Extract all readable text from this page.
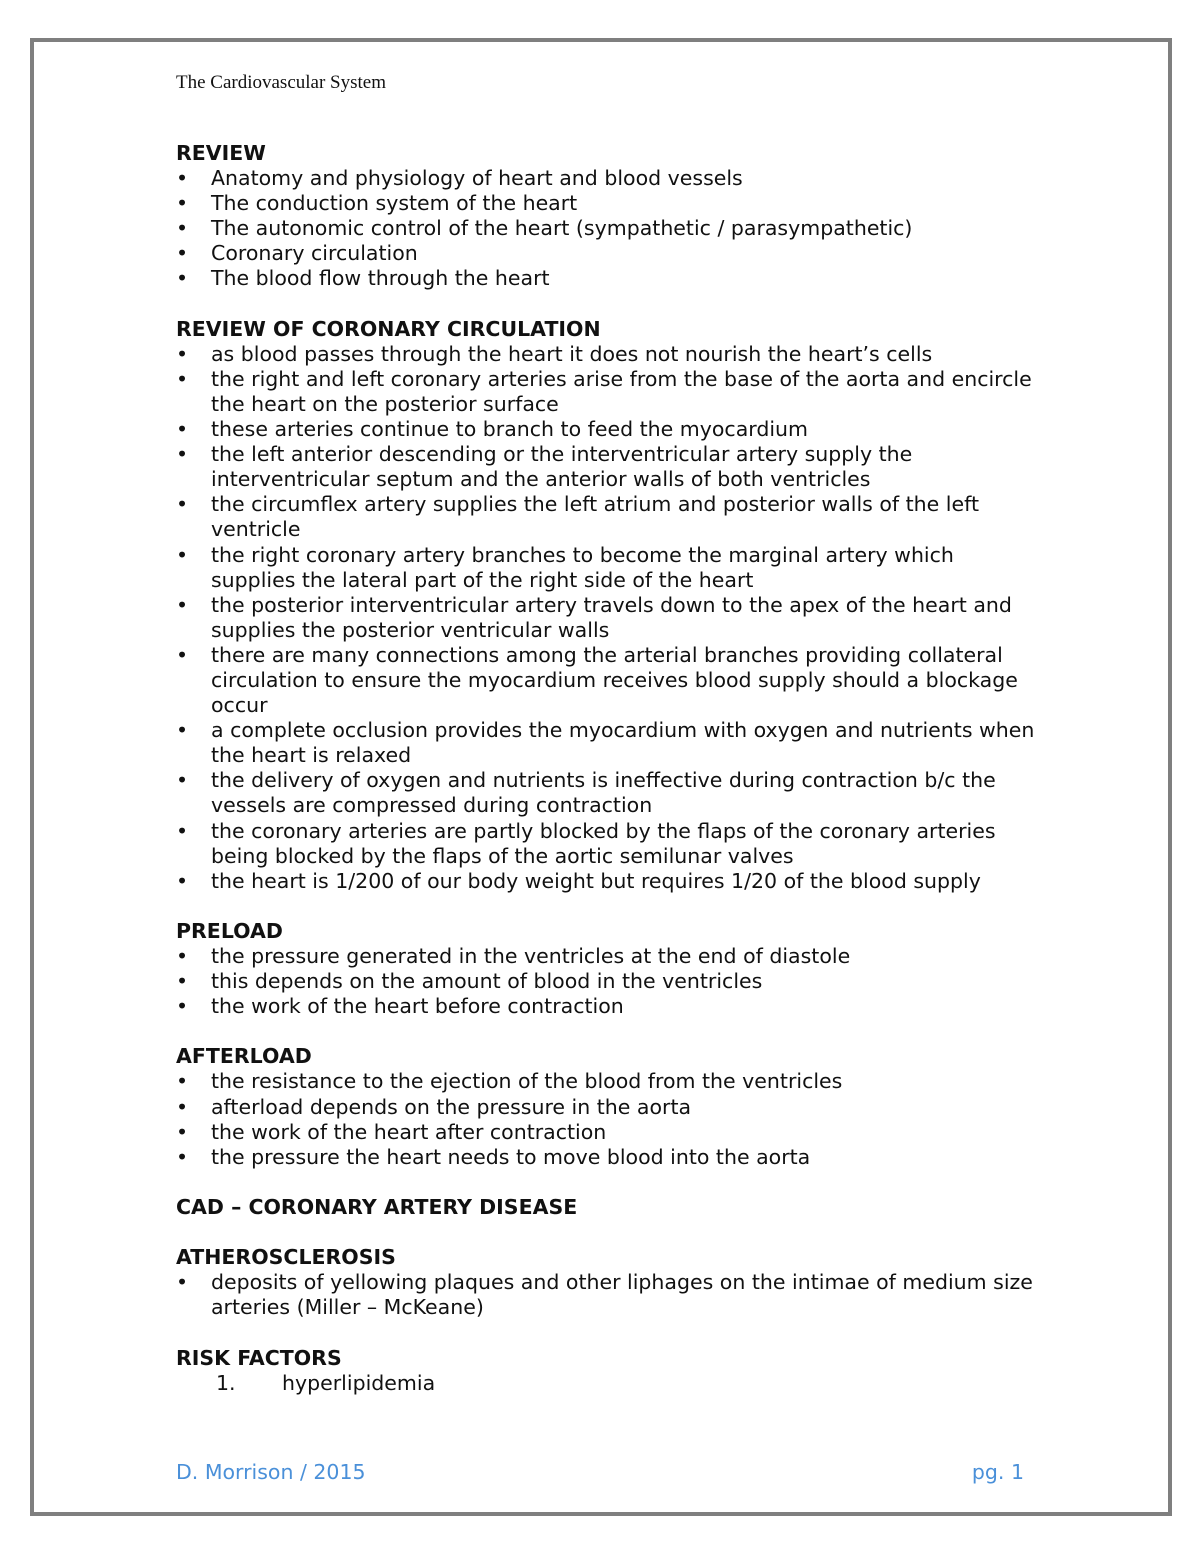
The Cardiovascular System
REVIEW
•	Anatomy and physiology of heart and blood vessels
•	The conduction system of the heart
•	The autonomic control of the heart (sympathetic / parasympathetic)
•	Coronary circulation
•	The blood flow through the heart
REVIEW OF CORONARY CIRCULATION
•	as blood passes through the heart it does not nourish the heart’s cells
•	the right and left coronary arteries arise from the base of the aorta and encircle the heart on the posterior surface
•	these arteries continue to branch to feed the myocardium
•	the left anterior descending or the interventricular artery supply the interventricular septum and the anterior walls of both ventricles
•	the circumflex artery supplies the left atrium and posterior walls of the left ventricle
•	the right coronary artery branches to become the marginal artery which supplies the lateral part of the right side of the heart
•	the posterior interventricular artery travels down to the apex of the heart and supplies the posterior ventricular walls
•	there are many connections among the arterial branches providing collateral circulation to ensure the myocardium receives blood supply should a blockage occur
•	a complete occlusion provides the myocardium with oxygen and nutrients when the heart is relaxed
•	the delivery of oxygen and nutrients is ineffective during contraction b/c the vessels are compressed during contraction
•	the coronary arteries are partly blocked by the flaps of the coronary arteries being blocked by the flaps of the aortic semilunar valves
•	the heart is 1/200 of our body weight but requires 1/20 of the blood supply
PRELOAD
•	the pressure generated in the ventricles at the end of diastole
•	this depends on the amount of blood in the ventricles
•	the work of the heart before contraction
AFTERLOAD
•	the resistance to the ejection of the blood from the ventricles
•	afterload depends on the pressure in the aorta
•	the work of the heart after contraction
•	the pressure the heart needs to move blood into the aorta
CAD – CORONARY ARTERY DISEASE
ATHEROSCLEROSIS
•	deposits of yellowing plaques and other liphages on the intimae of medium size arteries (Miller – McKeane)
RISK FACTORS
1. hyperlipidemia
D. Morrison / 2015	pg. 1
